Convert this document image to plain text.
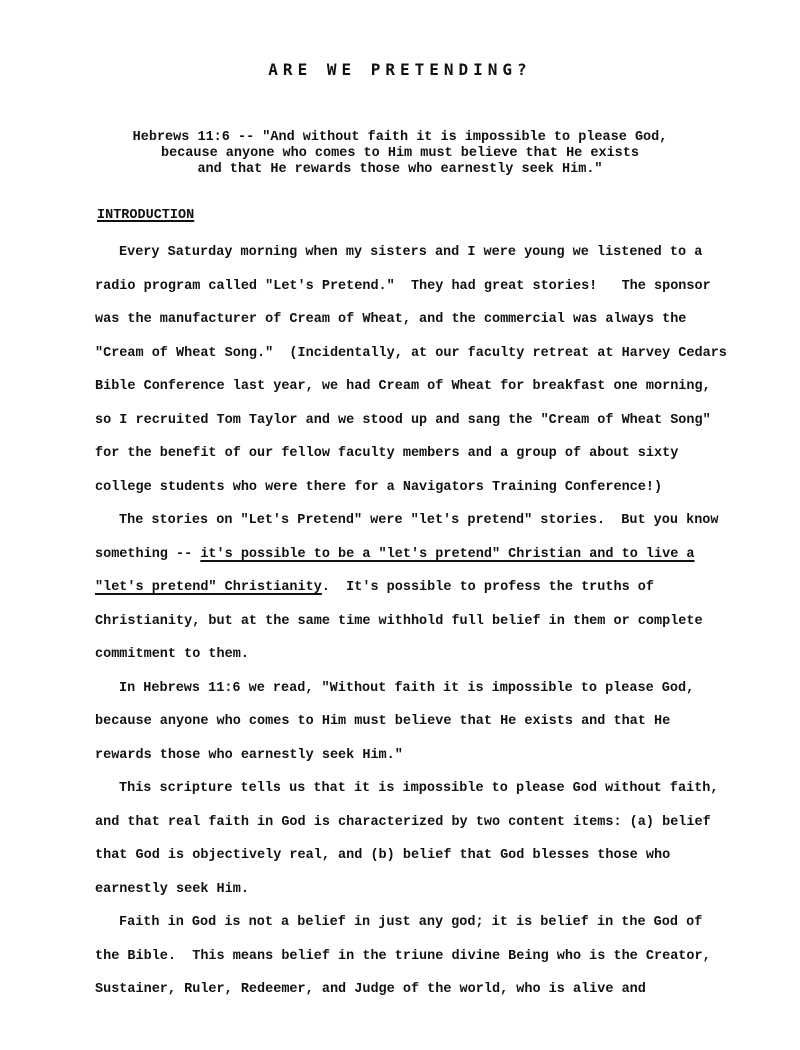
ARE WE PRETENDING?
Hebrews 11:6 -- "And without faith it is impossible to please God,
because anyone who comes to Him must believe that He exists
and that He rewards those who earnestly seek Him."
INTRODUCTION
Every Saturday morning when my sisters and I were young we listened to a
radio program called "Let's Pretend."  They had great stories!   The sponsor
was the manufacturer of Cream of Wheat, and the commercial was always the
"Cream of Wheat Song."  (Incidentally, at our faculty retreat at Harvey Cedars
Bible Conference last year, we had Cream of Wheat for breakfast one morning,
so I recruited Tom Taylor and we stood up and sang the "Cream of Wheat Song"
for the benefit of our fellow faculty members and a group of about sixty
college students who were there for a Navigators Training Conference!)
The stories on "Let's Pretend" were "let's pretend" stories.  But you know
something -- it's possible to be a "let's pretend" Christian and to live a
"let's pretend" Christianity.  It's possible to profess the truths of
Christianity, but at the same time withhold full belief in them or complete
commitment to them.
In Hebrews 11:6 we read, "Without faith it is impossible to please God,
because anyone who comes to Him must believe that He exists and that He
rewards those who earnestly seek Him."
This scripture tells us that it is impossible to please God without faith,
and that real faith in God is characterized by two content items: (a) belief
that God is objectively real, and (b) belief that God blesses those who
earnestly seek Him.
Faith in God is not a belief in just any god; it is belief in the God of
the Bible.  This means belief in the triune divine Being who is the Creator,
Sustainer, Ruler, Redeemer, and Judge of the world, who is alive and
